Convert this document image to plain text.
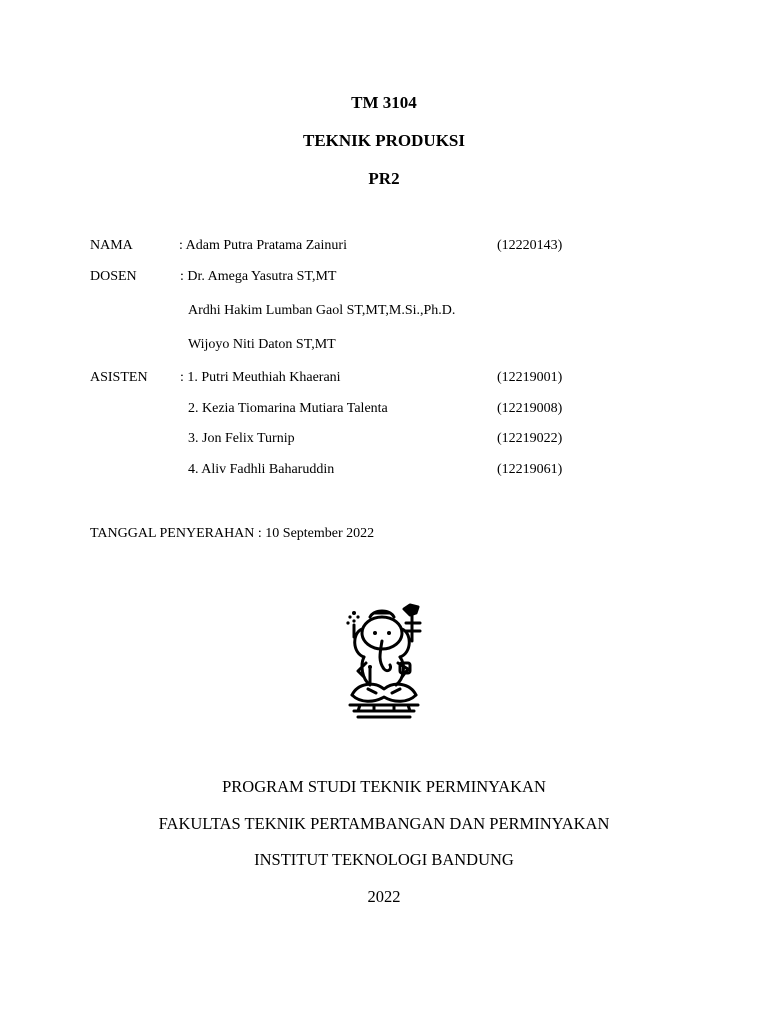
TM 3104
TEKNIK PRODUKSI
PR2
NAMA	: Adam Putra Pratama Zainuri	(12220143)
DOSEN	: Dr. Amega Yasutra ST,MT
Ardhi Hakim Lumban Gaol ST,MT,M.Si.,Ph.D.
Wijoyo Niti Daton ST,MT
ASISTEN : 1. Putri Meuthiah Khaerani	(12219001)
2. Kezia Tiomarina Mutiara Talenta	(12219008)
3. Jon Felix Turnip	(12219022)
4. Aliv Fadhli Baharuddin	(12219061)
TANGGAL PENYERAHAN : 10 September 2022
PROGRAM STUDI TEKNIK PERMINYAKAN
FAKULTAS TEKNIK PERTAMBANGAN DAN PERMINYAKAN
INSTITUT TEKNOLOGI BANDUNG
2022
